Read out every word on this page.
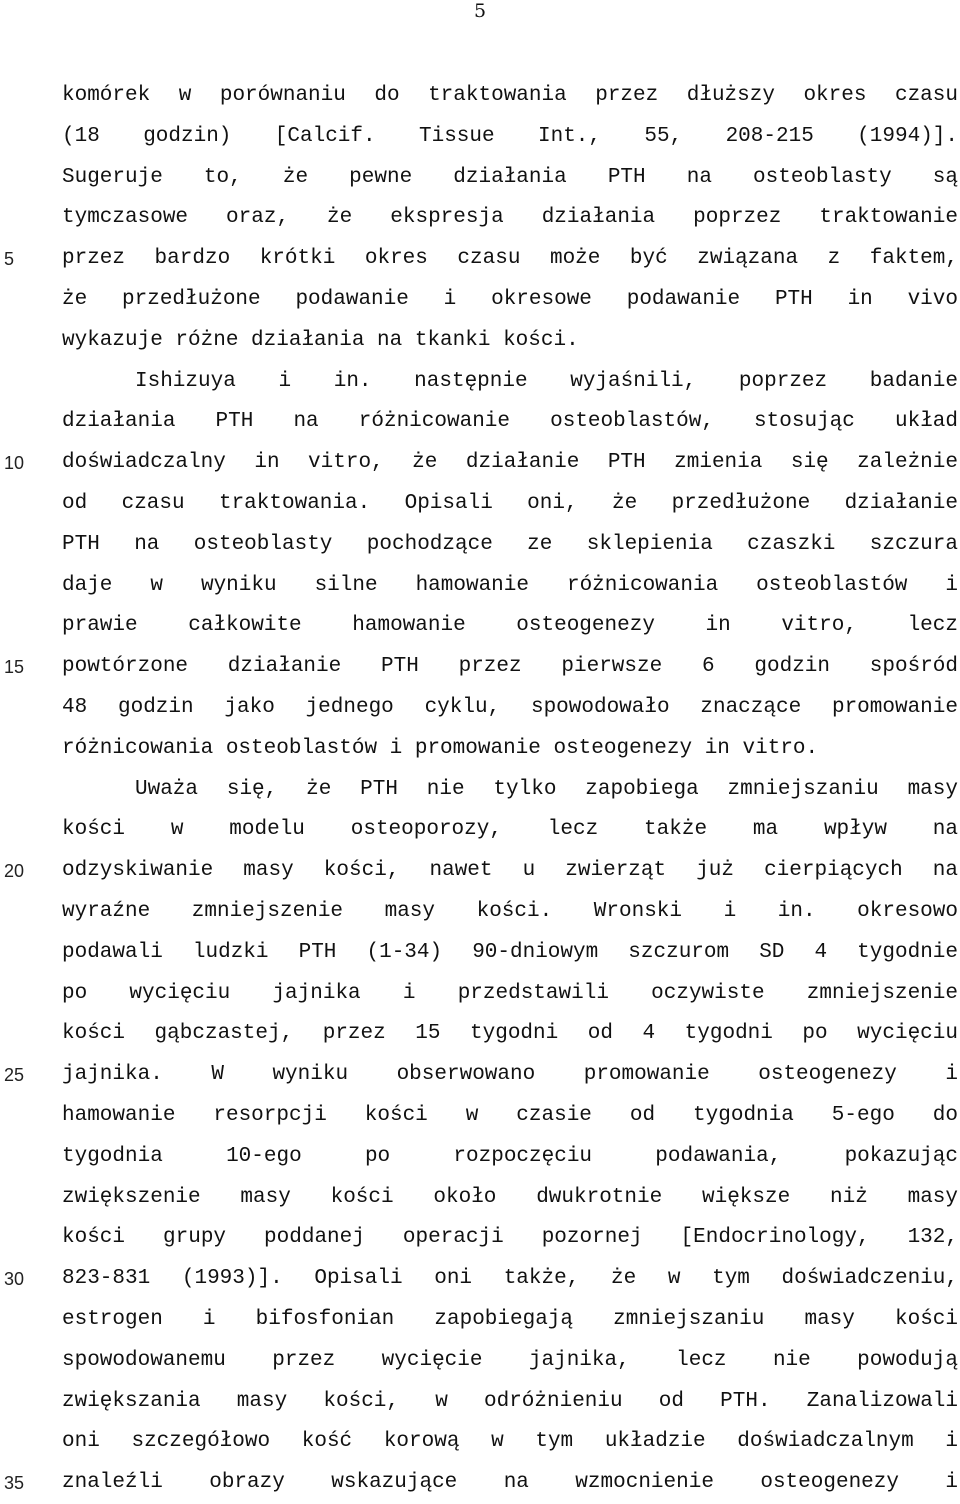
5
5
10
15
20
25
30
35
komórek w porównaniu do traktowania przez dłuższy okres czasu
(18 godzin) [Calcif. Tissue Int., 55, 208-215 (1994)].
Sugeruje to, że pewne działania PTH na osteoblasty są
tymczasowe oraz, że ekspresja działania poprzez traktowanie
przez bardzo krótki okres czasu może być związana z faktem,
że przedłużone podawanie i okresowe podawanie PTH in vivo
wykazuje różne działania na tkanki kości.
Ishizuya i in. następnie wyjaśnili, poprzez badanie
działania PTH na różnicowanie osteoblastów, stosując układ
doświadczalny in vitro, że działanie PTH zmienia się zależnie
od czasu traktowania. Opisali oni, że przedłużone działanie
PTH na osteoblasty pochodzące ze sklepienia czaszki szczura
daje w wyniku silne hamowanie różnicowania osteoblastów i
prawie całkowite hamowanie osteogenezy in vitro, lecz
powtórzone działanie PTH przez pierwsze 6 godzin spośród
48 godzin jako jednego cyklu, spowodowało znaczące promowanie
różnicowania osteoblastów i promowanie osteogenezy in vitro.
Uważa się, że PTH nie tylko zapobiega zmniejszaniu masy
kości w modelu osteoporozy, lecz także ma wpływ na
odzyskiwanie masy kości, nawet u zwierząt już cierpiących na
wyraźne zmniejszenie masy kości. Wronski i in. okresowo
podawali ludzki PTH (1-34) 90-dniowym szczurom SD 4 tygodnie
po wycięciu jajnika i przedstawili oczywiste zmniejszenie
kości gąbczastej, przez 15 tygodni od 4 tygodni po wycięciu
jajnika. W wyniku obserwowano promowanie osteogenezy i
hamowanie resorpcji kości w czasie od tygodnia 5-ego do
tygodnia 10-ego po rozpoczęciu podawania, pokazując
zwiększenie masy kości około dwukrotnie większe niż masy
kości grupy poddanej operacji pozornej [Endocrinology, 132,
823-831 (1993)]. Opisali oni także, że w tym doświadczeniu,
estrogen i bifosfonian zapobiegają zmniejszaniu masy kości
spowodowanemu przez wycięcie jajnika, lecz nie powodują
zwiększania masy kości, w odróżnieniu od PTH. Zanalizowali
oni szczegółowo kość korową w tym układzie doświadczalnym i
znaleźli obrazy wskazujące na wzmocnienie osteogenezy i
